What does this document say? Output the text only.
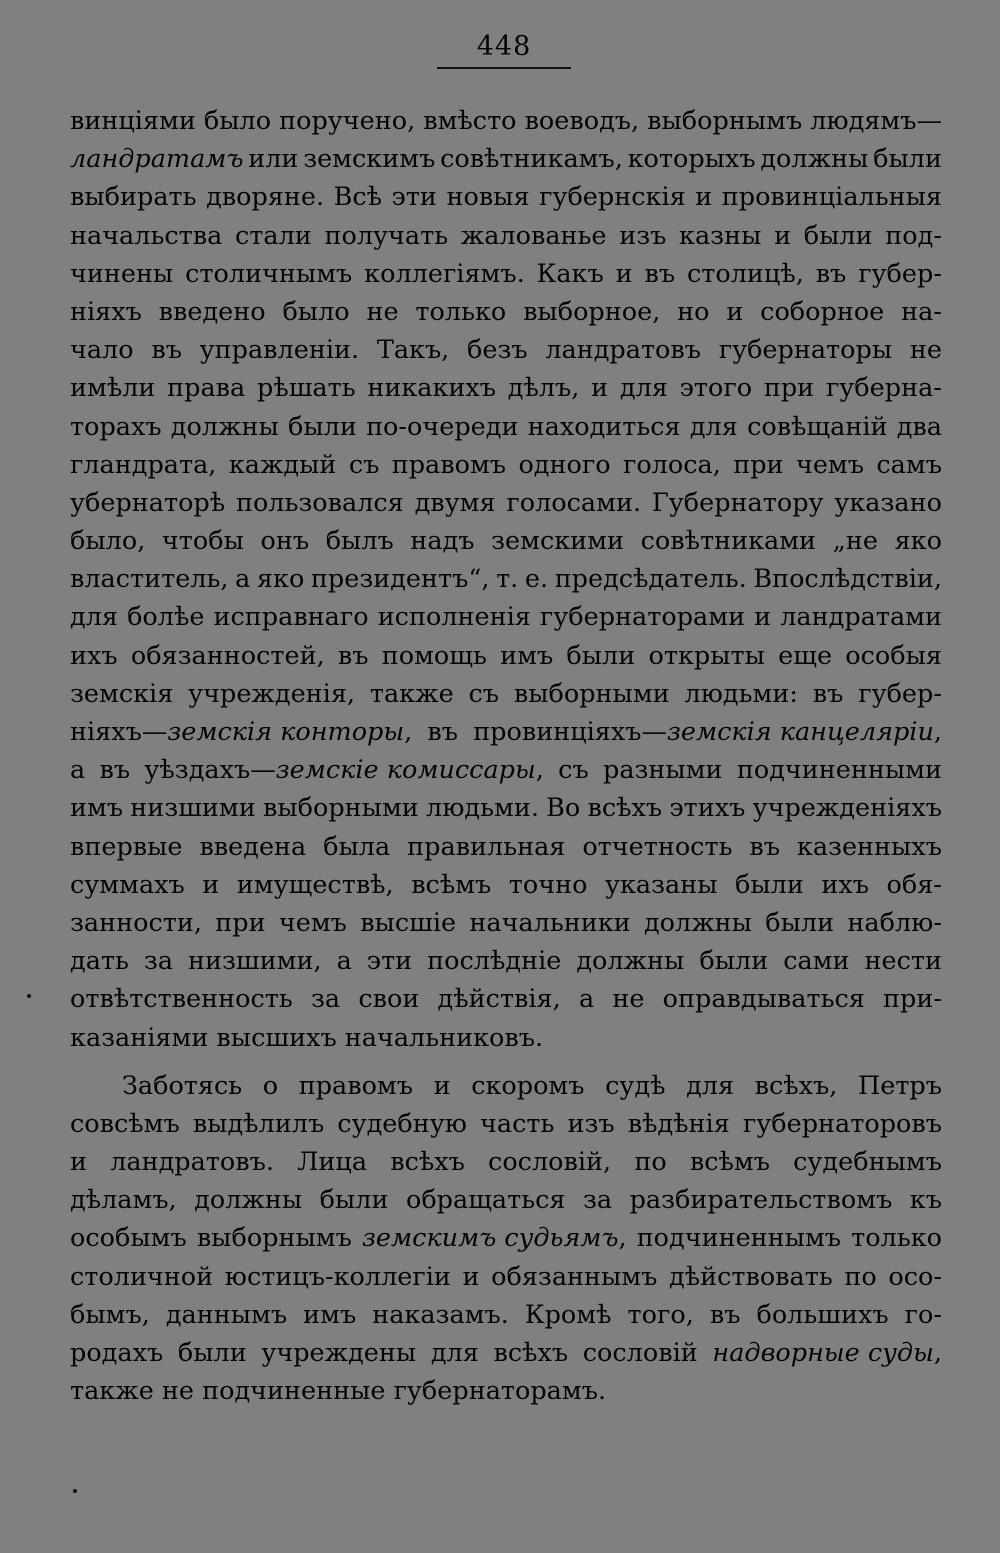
448
винціями было поручено, вмѣсто воеводъ, выборнымъ людямъ—
ландратамъ или земскимъ совѣтникамъ, которыхъ должны были
выбирать дворяне. Всѣ эти новыя губернскія и провинціальныя
начальства стали получать жалованье изъ казны и были под-
чинены столичнымъ коллегіямъ. Какъ и въ столицѣ, въ губер-
ніяхъ введено было не только выборное, но и соборное на-
чало въ управленіи. Такъ, безъ ландратовъ губернаторы не
имѣли права рѣшать никакихъ дѣлъ, и для этого при губерна-
торахъ должны были по-очереди находиться для совѣщаній два
гландрата, каждый съ правомъ одного голоса, при чемъ самъ
убернаторѣ пользовался двумя голосами. Губернатору указано
было, чтобы онъ былъ надъ земскими совѣтниками „не яко
властитель, а яко президентъ“, т. е. предсѣдатель. Впослѣдствіи,
для болѣе исправнаго исполненія губернаторами и ландратами
ихъ обязанностей, въ помощь имъ были открыты еще особыя
земскія учрежденія, также съ выборными людьми: въ губер-
ніяхъ—земскія конторы, въ провинціяхъ—земскія канцеляріи,
а въ уѣздахъ—земскіе комиссары, съ разными подчиненными
имъ низшими выборными людьми. Во всѣхъ этихъ учрежденіяхъ
впервые введена была правильная отчетность въ казенныхъ
суммахъ и имуществѣ, всѣмъ точно указаны были ихъ обя-
занности, при чемъ высшіе начальники должны были наблю-
дать за низшими, а эти послѣдніе должны были сами нести
отвѣтственность за свои дѣйствія, а не оправдываться при-
казаніями высшихъ начальниковъ.
Заботясь о правомъ и скоромъ судѣ для всѣхъ, Петръ
совсѣмъ выдѣлилъ судебную часть изъ вѣдѣнія губернаторовъ
и ландратовъ. Лица всѣхъ сословій, по всѣмъ судебнымъ
дѣламъ, должны были обращаться за разбирательствомъ къ
особымъ выборнымъ земскимъ судьямъ, подчиненнымъ только
столичной юстицъ-коллегіи и обязаннымъ дѣйствовать по осо-
бымъ, даннымъ имъ наказамъ. Кромѣ того, въ большихъ го-
родахъ были учреждены для всѣхъ сословій надворные суды,
также не подчиненные губернаторамъ.
